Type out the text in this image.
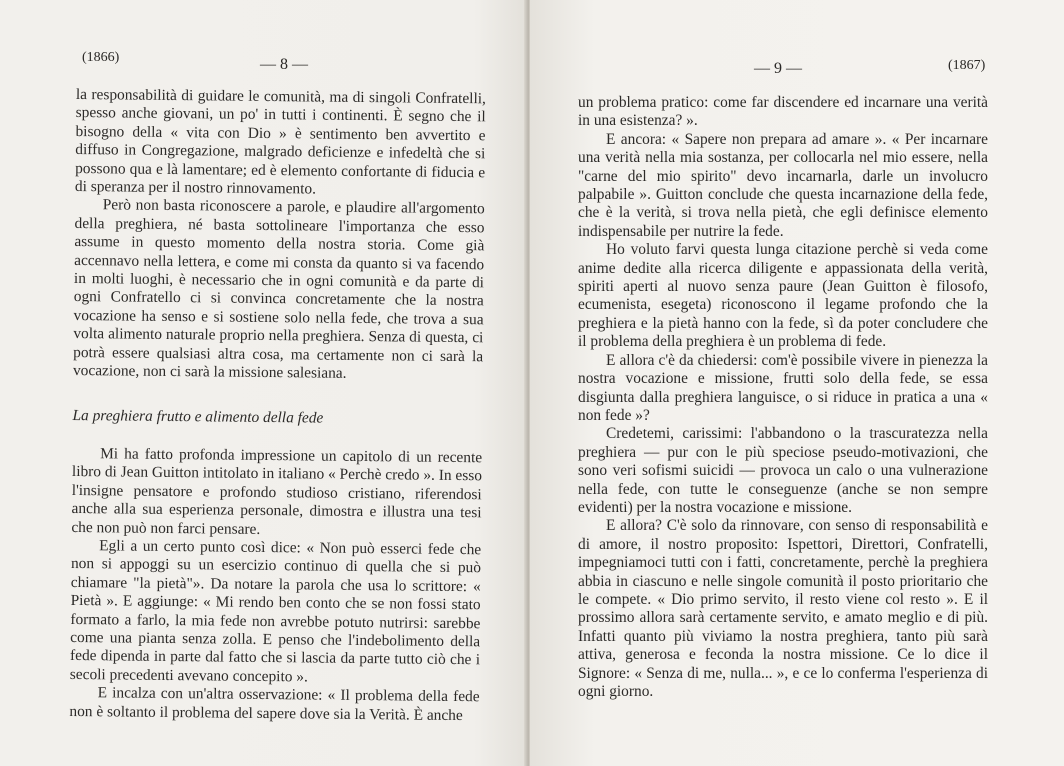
(1866)	— 8 —

la responsabilità di guidare le comunità, ma di singoli Confratelli, spesso anche giovani, un po' in tutti i continenti. È segno che il bisogno della « vita con Dio » è sentimento ben avvertito e diffuso in Congregazione, malgrado deficienze e infedeltà che si possono qua e là lamentare; ed è elemento confortante di fiducia e di speranza per il nostro rinnovamento.

Però non basta riconoscere a parole, e plaudire all'argomento della preghiera, né basta sottolineare l'importanza che esso assume in questo momento della nostra storia. Come già accennavo nella lettera, e come mi consta da quanto si va facendo in molti luoghi, è necessario che in ogni comunità e da parte di ogni Confratello ci si convinca concretamente che la nostra vocazione ha senso e si sostiene solo nella fede, che trova a sua volta alimento naturale proprio nella preghiera. Senza di questa, ci potrà essere qualsiasi altra cosa, ma certamente non ci sarà la vocazione, non ci sarà la missione salesiana.

La preghiera frutto e alimento della fede

Mi ha fatto profonda impressione un capitolo di un recente libro di Jean Guitton intitolato in italiano « Perchè credo ». In esso l'insigne pensatore e profondo studioso cristiano, riferendosi anche alla sua esperienza personale, dimostra e illustra una tesi che non può non farci pensare.

Egli a un certo punto così dice: « Non può esserci fede che non si appoggi su un esercizio continuo di quella che si può chiamare "la pietà"». Da notare la parola che usa lo scrittore: « Pietà ». E aggiunge: « Mi rendo ben conto che se non fossi stato formato a farlo, la mia fede non avrebbe potuto nutrirsi: sarebbe come una pianta senza zolla. E penso che l'indebolimento della fede dipenda in parte dal fatto che si lascia da parte tutto ciò che i secoli precedenti avevano concepito ».

E incalza con un'altra osservazione: « Il problema della fede non è soltanto il problema del sapere dove sia la Verità. È anche

— 9 —	(1867)

un problema pratico: come far discendere ed incarnare una verità in una esistenza? ».

E ancora: « Sapere non prepara ad amare ». « Per incarnare una verità nella mia sostanza, per collocarla nel mio essere, nella "carne del mio spirito" devo incarnarla, darle un involucro palpabile ». Guitton conclude che questa incarnazione della fede, che è la verità, si trova nella pietà, che egli definisce elemento indispensabile per nutrire la fede.

Ho voluto farvi questa lunga citazione perchè si veda come anime dedite alla ricerca diligente e appassionata della verità, spiriti aperti al nuovo senza paure (Jean Guitton è filosofo, ecumenista, esegeta) riconoscono il legame profondo che la preghiera e la pietà hanno con la fede, sì da poter concludere che il problema della preghiera è un problema di fede.

E allora c'è da chiedersi: com'è possibile vivere in pienezza la nostra vocazione e missione, frutti solo della fede, se essa disgiunta dalla preghiera languisce, o si riduce in pratica a una « non fede »?

Credetemi, carissimi: l'abbandono o la trascuratezza nella preghiera — pur con le più speciose pseudo-motivazioni, che sono veri sofismi suicidi — provoca un calo o una vulnerazione nella fede, con tutte le conseguenze (anche se non sempre evidenti) per la nostra vocazione e missione.

E allora? C'è solo da rinnovare, con senso di responsabilità e di amore, il nostro proposito: Ispettori, Direttori, Confratelli, impegniamoci tutti con i fatti, concretamente, perchè la preghiera abbia in ciascuno e nelle singole comunità il posto prioritario che le compete. « Dio primo servito, il resto viene col resto ». E il prossimo allora sarà certamente servito, e amato meglio e di più. Infatti quanto più viviamo la nostra preghiera, tanto più sarà attiva, generosa e feconda la nostra missione. Ce lo dice il Signore: « Senza di me, nulla... », e ce lo conferma l'esperienza di ogni giorno.
